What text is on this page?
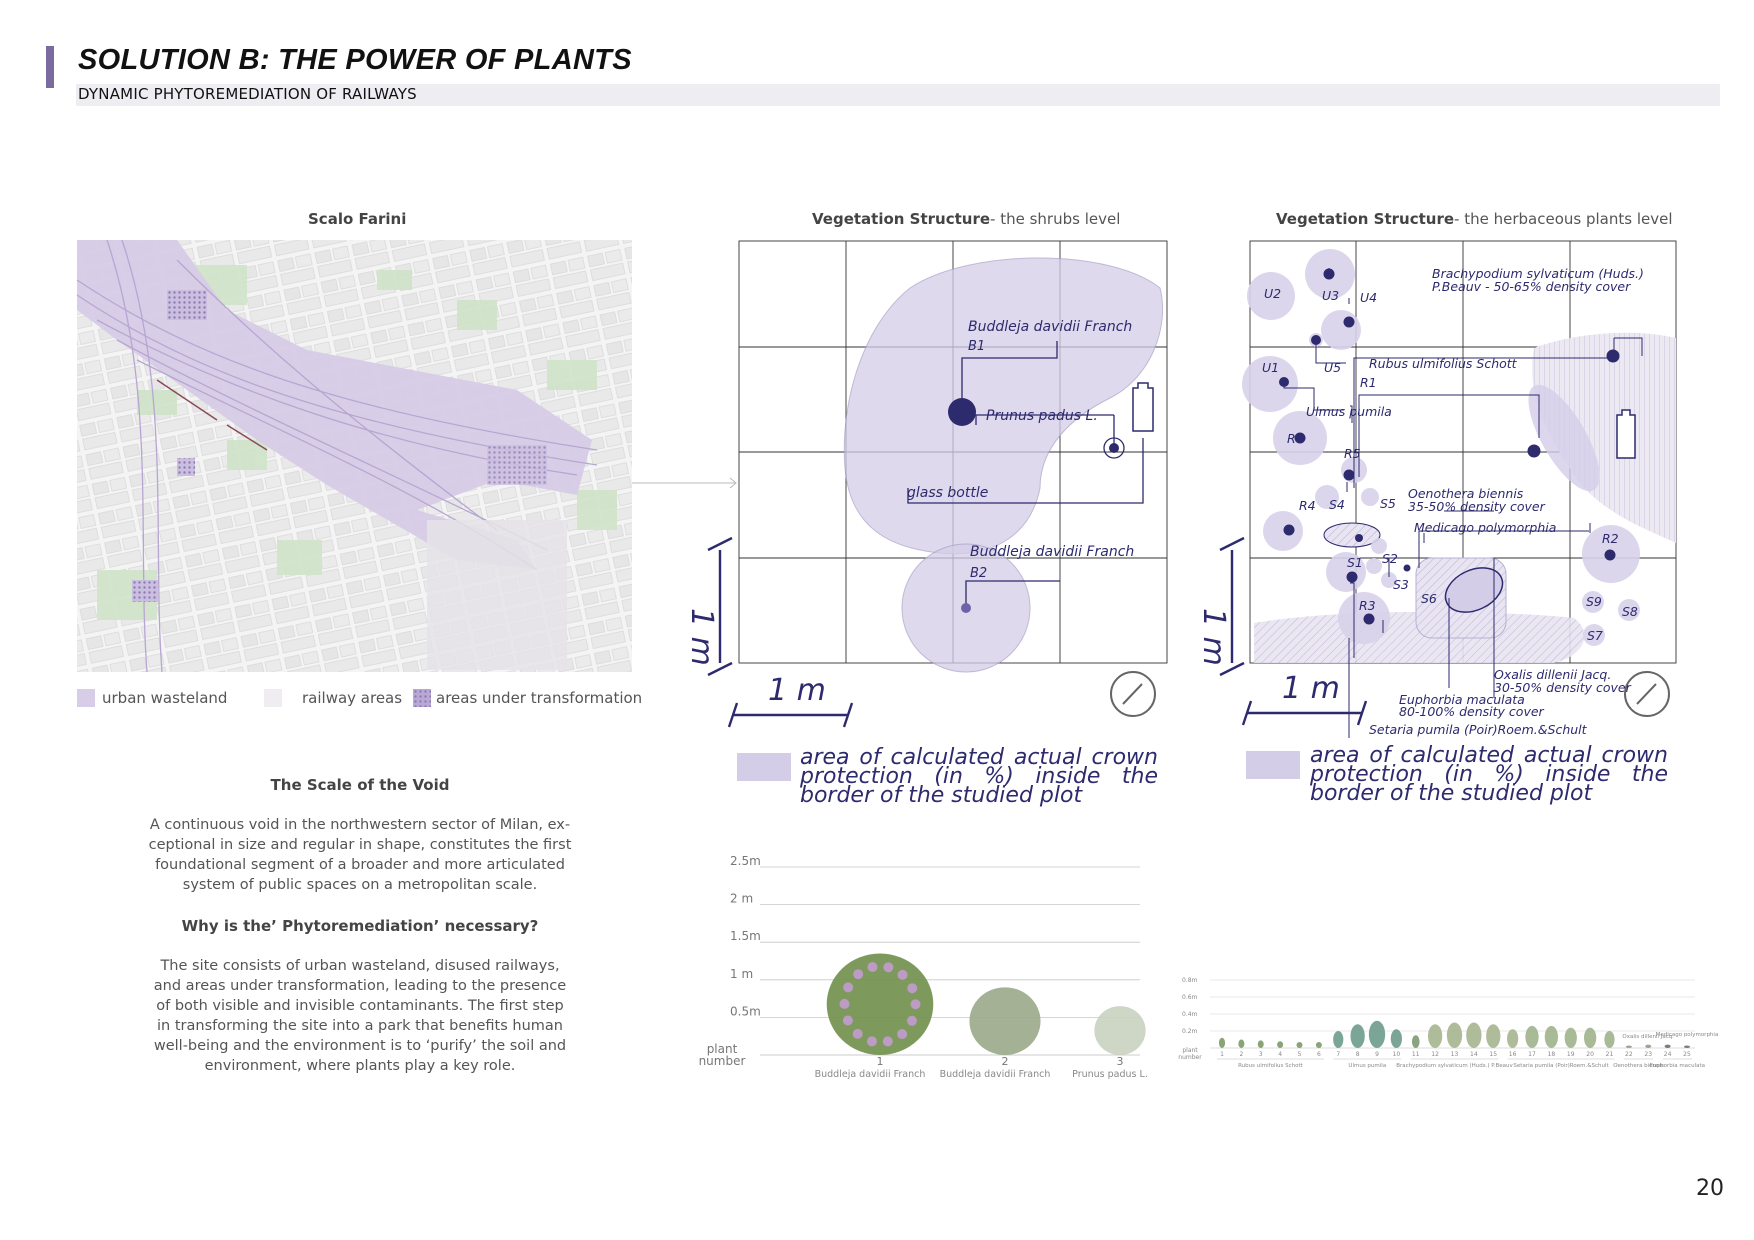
SOLUTION B: THE POWER OF PLANTS
DYNAMIC PHYTOREMEDIATION OF RAILWAYS
Scalo Farini
urban wasteland	railway areas areas under transformation
The Scale of the Void
A continuous void in the northwestern sector of Milan, ex-
ceptional in size and regular in shape, constitutes the first
foundational segment of a broader and more articulated
system of public spaces on a metropolitan scale.
Why is the’ Phytoremediation’ necessary?
The site consists of urban wasteland, disused railways,
and areas under transformation, leading to the presence
of both visible and invisible contaminants. The first step
in transforming the site into a park that benefits human
well-being and the environment is to ‘purify’ the soil and
environment, where plants play a key role.
Vegetation Structure- the shrubs level
1 m
1 m
Buddleja davidii Franch
B1
Prunus padus L.
glass bottle
Buddleja davidii Franch
B2
area of calculated actual crown protection (in %) inside the border of the studied plot
Vegetation Structure- the herbaceous plants level
1 m
1 m
U2	U3 U4
U1	U5
R6
R5
R4 S4	S5
S1 S2
S3
R3	S6
R2
S9
S8
S7
R1
Brachypodium sylvaticum (Huds.)
P.Beauv - 50-65% density cover
Rubus ulmifolius Schott
Ulmus pumila
Oenothera biennis
35-50% density cover
Medicago polymorphia
Oxalis dillenii Jacq.
30-50% density cover
Euphorbia maculata
80-100% density cover
Setaria pumila (Poir)Roem.&Schult
area of calculated actual crown protection (in %) inside the border of the studied plot
2.5m
2 m
1.5m
1 m
0.5m
1
Buddleja davidii Franch
2
Buddleja davidii Franch
3
Prunus padus L.
plant
number
0.8m
0.6m
0.4m
0.2m
1	2	3	4	5	6	7	8	9 10 11 12 13 14 15 16 17 18 19 20 21 22 23 24 25
Rubus ulmifolius Schott	Ulmus pumila Brachypodium sylvaticum (Huds.) P.Beauv Setaria pumila (Poir)Roem.&Schult Oenothera biennis
Euphorbia maculata
Oxalis dillenii Jacq.
Medicago polymorphia
plant
number
20
